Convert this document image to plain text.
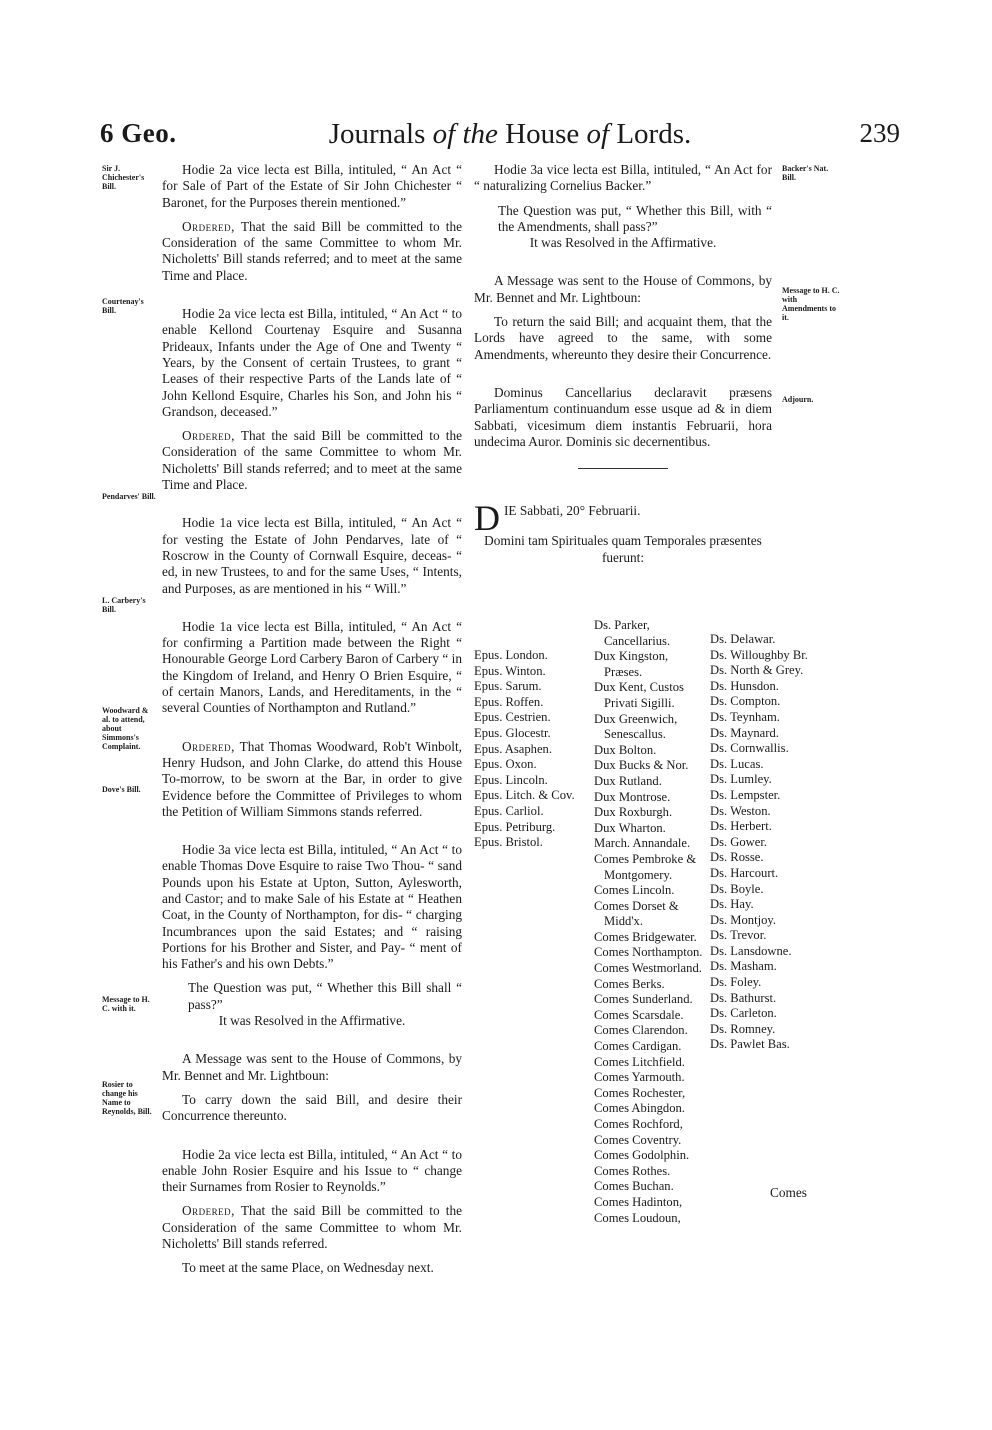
6 Geo.	Journals of the House of Lords.	239
Sir J. Chichester's Bill.
Courtenay's Bill.
Pendarves' Bill.
L. Carbery's Bill.
Woodward & al. to attend, about Simmons's Complaint.
Dove's Bill.
Message to H. C. with it.
Rosier to change his Name to Reynolds, Bill.
Backer's Nat. Bill.
Message to H. C. with Amendments to it.
Adjourn.

Hodie 2a vice lecta est Billa, intituled, “ An Act “ for Sale of Part of the Estate of Sir John Chichester “ Baronet, for the Purposes therein mentioned.”

Ordered, That the said Bill be committed to the Consideration of the same Committee to whom Mr. Nicholetts' Bill stands referred; and to meet at the same Time and Place.

Hodie 2a vice lecta est Billa, intituled, “ An Act “ to enable Kellond Courtenay Esquire and Susanna Prideaux, Infants under the Age of One and Twenty “ Years, by the Consent of certain Trustees, to grant “ Leases of their respective Parts of the Lands late of “ John Kellond Esquire, Charles his Son, and John his “ Grandson, deceased.”

Ordered, That the said Bill be committed to the Consideration of the same Committee to whom Mr. Nicholetts' Bill stands referred; and to meet at the same Time and Place.

Hodie 1a vice lecta est Billa, intituled, “ An Act “ for vesting the Estate of John Pendarves, late of “ Roscrow in the County of Cornwall Esquire, deceas- “ ed, in new Trustees, to and for the same Uses, “ Intents, and Purposes, as are mentioned in his “ Will.”

Hodie 1a vice lecta est Billa, intituled, “ An Act “ for confirming a Partition made between the Right “ Honourable George Lord Carbery Baron of Carbery “ in the Kingdom of Ireland, and Henry O Brien Esquire, “ of certain Manors, Lands, and Hereditaments, in the “ several Counties of Northampton and Rutland.”

Ordered, That Thomas Woodward, Rob't Winbolt, Henry Hudson, and John Clarke, do attend this House To-morrow, to be sworn at the Bar, in order to give Evidence before the Committee of Privileges to whom the Petition of William Simmons stands referred.

Hodie 3a vice lecta est Billa, intituled, “ An Act “ to enable Thomas Dove Esquire to raise Two Thou- “ sand Pounds upon his Estate at Upton, Sutton, Aylesworth, and Castor; and to make Sale of his Estate at “ Heathen Coat, in the County of Northampton, for dis- “ charging Incumbrances upon the said Estates; and “ raising Portions for his Brother and Sister, and Pay- “ ment of his Father's and his own Debts.”

The Question was put, “ Whether this Bill shall “ pass?”

It was Resolved in the Affirmative.

A Message was sent to the House of Commons, by Mr. Bennet and Mr. Lightboun:

To carry down the said Bill, and desire their Concurrence thereunto.

Hodie 2a vice lecta est Billa, intituled, “ An Act “ to enable John Rosier Esquire and his Issue to “ change their Surnames from Rosier to Reynolds.”

Ordered, That the said Bill be committed to the Consideration of the same Committee to whom Mr. Nicholetts' Bill stands referred.

To meet at the same Place, on Wednesday next.

Hodie 3a vice lecta est Billa, intituled, “ An Act for “ naturalizing Cornelius Backer.”

The Question was put, “ Whether this Bill, with “ the Amendments, shall pass?”

It was Resolved in the Affirmative.

A Message was sent to the House of Commons, by Mr. Bennet and Mr. Lightboun:

To return the said Bill; and acquaint them, that the Lords have agreed to the same, with some Amendments, whereunto they desire their Concurrence.

Dominus Cancellarius declaravit præsens Parliamentum continuandum esse usque ad & in diem Sabbati, vicesimum diem instantis Februarii, hora undecima Auror. Dominis sic decernentibus.

D IE Sabbati, 20° Februarii.

Domini tam Spirituales quam Temporales præsentes fuerunt:

Epus. London.
Epus. Winton.
Epus. Sarum.
Epus. Roffen.
Epus. Cestrien.
Epus. Glocestr.
Epus. Asaphen.
Epus. Oxon.
Epus. Lincoln.
Epus. Litch. & Cov.
Epus. Carliol.
Epus. Petriburg.
Epus. Bristol.
Ds. Parker,
Cancellarius.
Dux Kingston,
Præses.
Dux Kent, Custos
Privati Sigilli.
Dux Greenwich,
Senescallus.
Dux Bolton.
Dux Bucks & Nor.
Dux Rutland.
Dux Montrose.
Dux Roxburgh.
Dux Wharton.
March. Annandale.
Comes Pembroke &
Montgomery.
Comes Lincoln.
Comes Dorset &
Midd'x.
Comes Bridgewater.
Comes Northampton.
Comes Westmorland.
Comes Berks.
Comes Sunderland.
Comes Scarsdale.
Comes Clarendon.
Comes Cardigan.
Comes Litchfield.
Comes Yarmouth.
Comes Rochester,
Comes Abingdon.
Comes Rochford,
Comes Coventry.
Comes Godolphin.
Comes Rothes.
Comes Buchan.
Comes Hadinton,
Comes Loudoun,
Ds. Delawar.
Ds. Willoughby Br.
Ds. North & Grey.
Ds. Hunsdon.
Ds. Compton.
Ds. Teynham.
Ds. Maynard.
Ds. Cornwallis.
Ds. Lucas.
Ds. Lumley.
Ds. Lempster.
Ds. Weston.
Ds. Herbert.
Ds. Gower.
Ds. Rosse.
Ds. Harcourt.
Ds. Boyle.
Ds. Hay.
Ds. Montjoy.
Ds. Trevor.
Ds. Lansdowne.
Ds. Masham.
Ds. Foley.
Ds. Bathurst.
Ds. Carleton.
Ds. Romney.
Ds. Pawlet Bas.
Comes
